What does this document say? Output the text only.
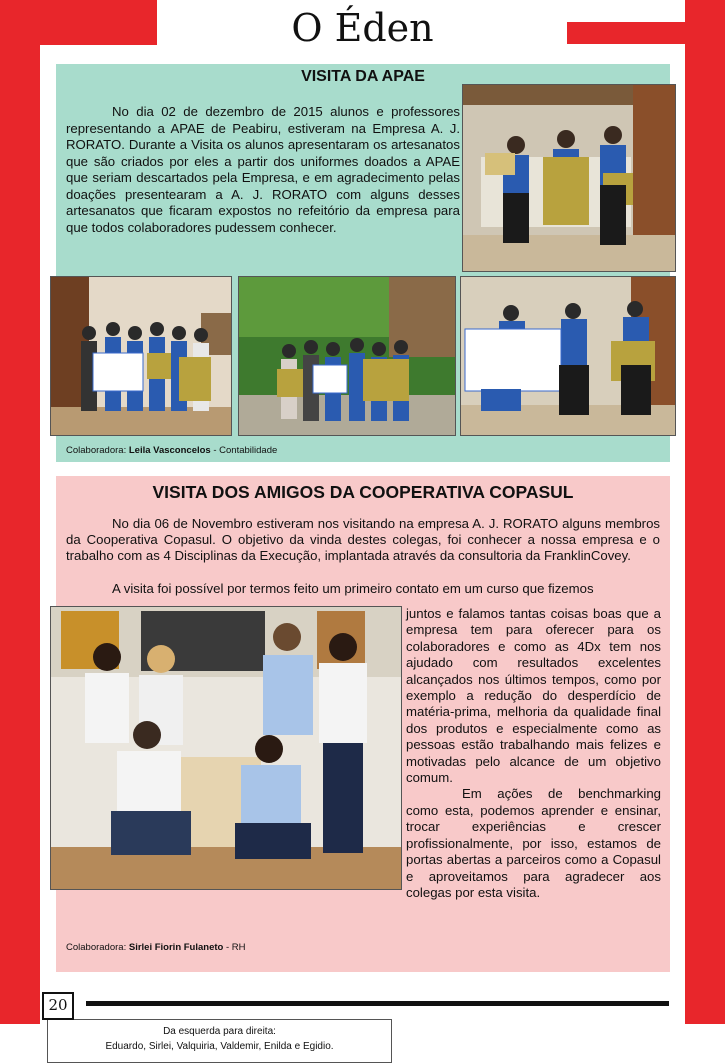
O Éden
VISITA DA APAE

No dia 02 de dezembro de 2015 alunos e professores representando a APAE de Peabiru, estiveram na Empresa A. J. RORATO. Durante a Visita os alunos apresentaram os artesanatos que são criados por eles a partir dos uniformes doados a APAE que seriam descartados pela Empresa, e em agradecimento pelas doações presentearam a A. J. RORATO com alguns desses artesanatos que ficaram expostos no refeitório da empresa para que todos colaboradores pudessem conhecer.

Colaboradora: Leila Vasconcelos - Contabilidade
VISITA DOS AMIGOS DA COOPERATIVA COPASUL

No dia 06 de Novembro estiveram nos visitando na empresa A. J. RORATO alguns membros da Cooperativa Copasul. O objetivo da vinda destes colegas, foi conhecer a nossa empresa e o trabalho com as 4 Disciplinas da Execução, implantada através da consultoria da FranklinCovey.

A visita foi possível por termos feito um primeiro contato em um curso que fizemos

Da esquerda para direita:
Eduardo, Sirlei, Valquiria, Valdemir, Enilda e Egidio.
juntos e falamos tantas coisas boas que a empresa tem para oferecer para os colaboradores e como as 4Dx tem nos ajudado com resultados excelentes alcançados nos últimos tempos, como por exemplo a redução do desperdício de matéria-prima, melhoria da qualidade final dos produtos e especialmente como as pessoas estão trabalhando mais felizes e motivadas pelo alcance de um objetivo comum.
Em ações de benchmarking como esta, podemos aprender e ensinar, trocar experiências e crescer profissionalmente, por isso, estamos de portas abertas a parceiros como a Copasul e aproveitamos para agradecer aos colegas por esta visita.
Colaboradora: Sirlei Fiorin Fulaneto - RH
20
